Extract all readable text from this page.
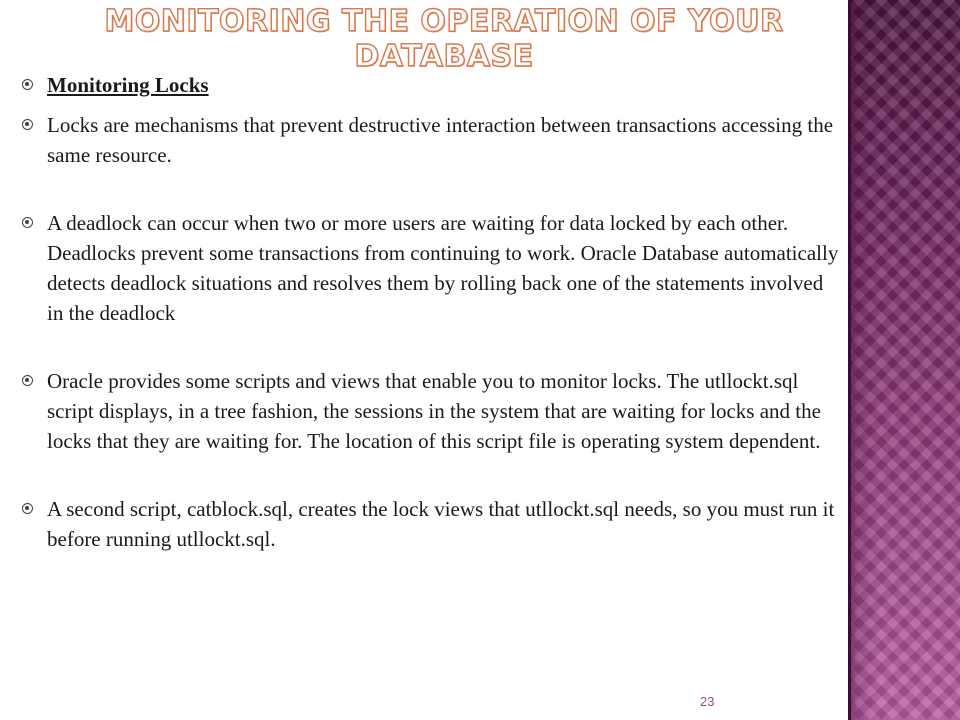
MONITORING THE OPERATION OF YOUR DATABASE
Monitoring Locks
Locks are mechanisms that prevent destructive interaction between transactions accessing the same resource.
A deadlock can occur when two or more users are waiting for data locked by each other. Deadlocks prevent some transactions from continuing to work. Oracle Database automatically detects deadlock situations and resolves them by rolling back one of the statements involved in the deadlock
Oracle provides some scripts and views that enable you to monitor locks. The utllockt.sql script displays, in a tree fashion, the sessions in the system that are waiting for locks and the locks that they are waiting for. The location of this script file is operating system dependent.
A second script, catblock.sql, creates the lock views that utllockt.sql needs, so you must run it before running utllockt.sql.
23
